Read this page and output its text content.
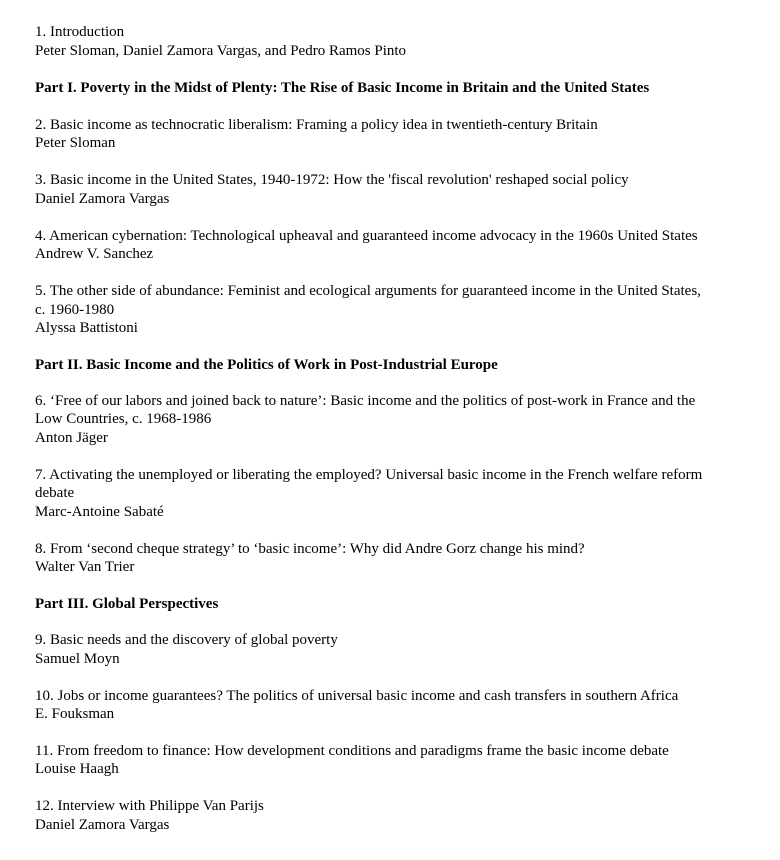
1. Introduction
Peter Sloman, Daniel Zamora Vargas, and Pedro Ramos Pinto
Part I. Poverty in the Midst of Plenty: The Rise of Basic Income in Britain and the United States
2. Basic income as technocratic liberalism: Framing a policy idea in twentieth-century Britain
Peter Sloman
3. Basic income in the United States, 1940-1972: How the 'fiscal revolution' reshaped social policy
Daniel Zamora Vargas
4. American cybernation: Technological upheaval and guaranteed income advocacy in the 1960s United States
Andrew V. Sanchez
5. The other side of abundance: Feminist and ecological arguments for guaranteed income in the United States,
c. 1960-1980
Alyssa Battistoni
Part II. Basic Income and the Politics of Work in Post-Industrial Europe
6. ‘Free of our labors and joined back to nature’: Basic income and the politics of post-work in France and the
Low Countries, c. 1968-1986
Anton Jäger
7. Activating the unemployed or liberating the employed? Universal basic income in the French welfare reform
debate
Marc-Antoine Sabaté
8. From ‘second cheque strategy’ to ‘basic income’: Why did Andre Gorz change his mind?
Walter Van Trier
Part III. Global Perspectives
9. Basic needs and the discovery of global poverty
Samuel Moyn
10. Jobs or income guarantees? The politics of universal basic income and cash transfers in southern Africa
E. Fouksman
11. From freedom to finance: How development conditions and paradigms frame the basic income debate
Louise Haagh
12. Interview with Philippe Van Parijs
Daniel Zamora Vargas
